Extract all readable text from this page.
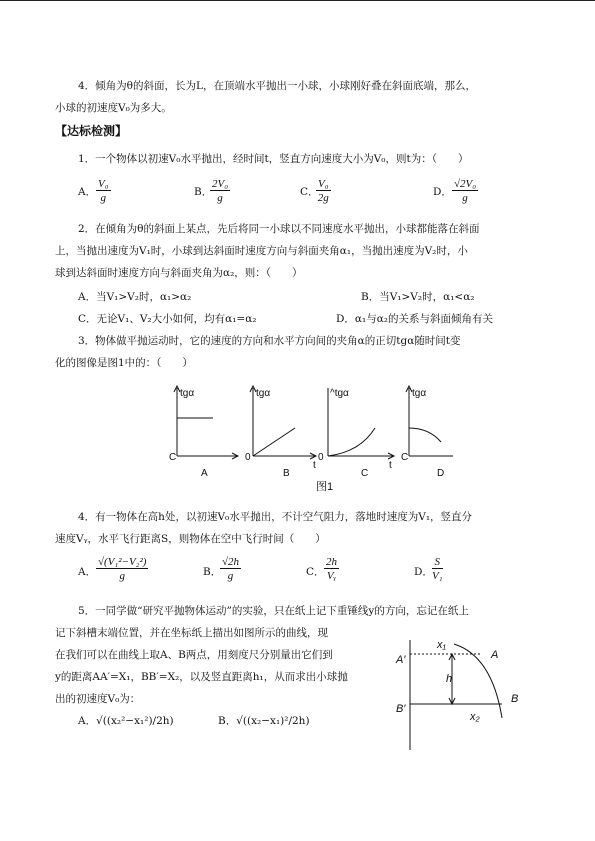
4．倾角为θ的斜面，长为L，在顶端水平抛出一小球，小球刚好叠在斜面底端，那么，
小球的初速度V₀为多大。
【达标检测】
1．一个物体以初速V₀水平抛出，经时间t，竖直方向速度大小为V₀，则t为：（　　）
A． $\frac{\text{V₀}}{g}$	B．
$\frac{\text{2V₀}}{g}$	C．
$\frac{\text{V₀}}{2g}$	D． $\frac{\text{√2V₀}}{g}$
2．在倾角为θ的斜面上某点，先后将同一小球以不同速度水平抛出，小球都能落在斜面
上，当抛出速度为V₁时，小球到达斜面时速度方向与斜面夹角α₁，当抛出速度为V₂时，小
球到达斜面时速度方向与斜面夹角为α₂，则：（　　）
A．当V₁>V₂时，α₁>α₂	B．当V₁>V₂时，α₁<α₂
C．无论V₁、V₂大小如何，均有α₁=α₂	D．α₁与α₂的关系与斜面倾角有关
3．物体做平抛运动时，它的速度的方向和水平方向间的夹角α的正切tgα随时间t变
化的图像是图1中的：（　　）
tgα
C
A
tgα
0
t
B
^tgα
0
t
C
tgα
C
D
图1
4．有一物体在高h处，以初速V₀水平抛出，不计空气阻力，落地时速度为V₁，竖直分
速度Vᵧ，水平飞行距离S，则物体在空中飞行时间（　　）
A． $\frac{\text{√(V₁²−V₂²)}}{g}$	B．
$\frac{√2h}{g}$	C． $\frac{2h}{\text{Vᵧ}}$	D． $\frac{S}{\text{V₁}}$
5．一同学做“研究平抛物体运动”的实验，只在纸上记下重锤线y的方向，忘记在纸上
记下斜槽末端位置，并在坐标纸上描出如图所示的曲线，现
在我们可以在曲线上取A、B两点，用刻度尺分别量出它们到
y的距离AA′=X₁，BB′=X₂，以及竖直距离h₁，从而求出小球抛
出的初速度V₀为：
A．√((x₂²−x₁²)/2h)	B．√((x₂−x₁)²/2h)
x₁
A
A′
h
B
B′
x₂
